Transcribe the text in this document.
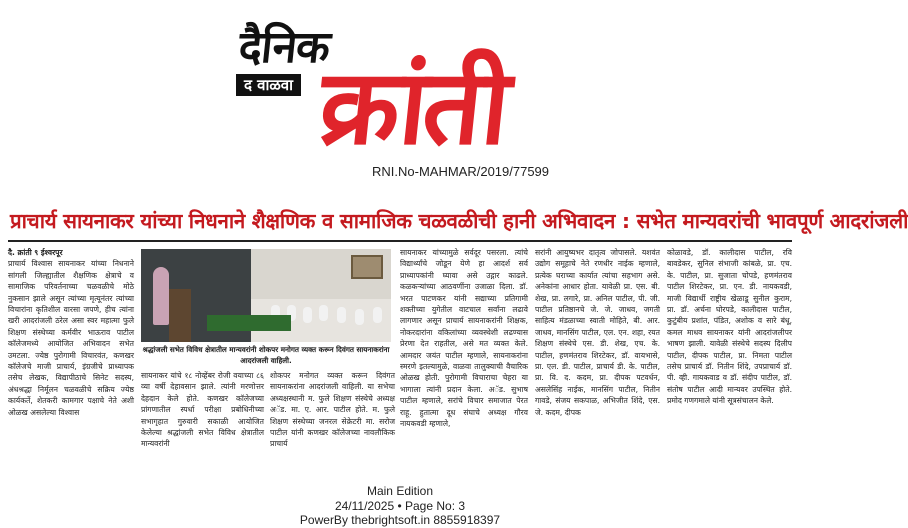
दैनिक
क्रांती
द वाळवा
RNI.No-MAHMAR/2019/77599
प्राचार्य सायनाकर यांच्या निधनाने शैक्षणिक व सामाजिक चळवळीची हानी अभिवादन : सभेत मान्यवरांची भावपूर्ण आदरांजली

दै. क्रांती ९ ईश्वरपूर

प्राचार्य विश्वास सायनाकर यांच्या निधनाने सांगली जिल्ह्यातील शैक्षणिक क्षेत्राचे व सामाजिक परिवर्तनाच्या चळवळीचे मोठे नुकसान झाले असून त्यांच्या मृत्यूनंतर त्यांच्या विचारांना कृतिशील वारसा जपणे, हीच त्यांना खरी आदरांजली ठरेल असा स्वर महात्मा फुले शिक्षण संस्थेच्या कर्मवीर भाऊराव पाटील कॉलेजमध्ये आयोजित अभिवादन सभेत उमटला. ज्येष्ठ पुरोगामी विचारवंत, कणखर कॉलेजचे माजी प्राचार्य, इंग्रजीचे प्राध्यापक तसेच लेखक, विद्यापीठाचे सिनेट सदस्य, अंधश्रद्धा निर्मूलन चळवळीचे सक्रिय ज्येष्ठ कार्यकर्ते, शेतकरी कामगार पक्षाचे नेते अशी ओळख असलेल्या विश्वास

श्रद्धांजली सभेत विविध क्षेत्रातील मान्यवरांनी शोकपर मनोगत व्यक्त करून दिवंगत सायनाकरांना आदरांजली वाहिली.

सायनाकर यांचे १८ नोव्हेंबर रोजी वयाच्या ८६ व्या वर्षी देहावसान झाले. त्यांनी मरणोत्तर देहदान केले होते. कणखर कॉलेजच्या प्रांगणातील स्पर्धा परीक्षा प्रबोधिनीच्या सभागृहात गुरुवारी सकाळी आयोजित केलेल्या श्रद्धांजली सभेत विविध क्षेत्रातील मान्यवरांनी

शोकपर मनोगत व्यक्त करून दिवंगत सायनाकरांना आदरांजली वाहिली. या सभेचा अध्यक्षस्थानी म. फुले शिक्षण संस्थेचे अध्यक्ष अॅड. मा. ए. आर. पाटील होते. म. फुले शिक्षण संस्थेच्या जनरल सेक्रेटरी मा. सरोज पाटील यांनी कणखर कॉलेजच्या नावलौकिक प्राचार्य

सायनाकर यांच्यामुळे सर्वदूर पसरला. त्यांचे विद्यार्थ्यांचे जोडून येणे हा आदर्श सर्व प्राध्यापकांनी घ्यावा असे उद्गार काढले. कळकऱ्यांच्या आठवणींना उजाळा दिला. डॉ. भरत पाटणकर यांनी सद्याच्या प्रतिगामी शक्तीच्या युगेतील वाटचाल सर्वांना लढावे लागणार असून प्राचार्य सायनाकरांनी शिक्षक, नोकरदारांना वकिलांच्या व्यवस्थेशी लढण्यास प्रेरणा देत राहतील, असे मत व्यक्त केले. आमदार जयंत पाटील म्हणाले, सायनाकरांना स्मरणे इतल्यामुळे, वाळवा तालुक्याची वैचारिक ओळख होती. पुरोगामी विचाराचा चेहरा या भागाला त्यांनी प्रदान केला. अॅड. सुभाष पाटील म्हणाले, सरांचे विचार समाजात पेरत राहू. हुतात्मा दूध संघाचे अध्यक्ष गौरव नायकवडी म्हणाले,

सरांनी आयुष्यभर दातृत्व जोपासले. यशवंत उद्योग समूहाचे नेते रणधीर नाईक म्हणाले, प्रत्येक घराच्या कार्यात त्यांचा सहभाग असे. अनेकांना आधार होता. यावेळी प्रा. एस. बी. शेख, प्रा. लगारे, प्रा. अनिल पाटील, पी. जी. पाटील प्रतिष्ठानचे जे. जे. जाधव, जगती साहित्य मंडळाच्या स्वाती मोहिते, बी. आर. जाधव, मानसिंग पाटील, एल. एन. शहा, रयत शिक्षण संस्थेचे एस. डी. शेख, एच. के. पाटील, हणमंतराव शिरटेकर, डॉ. वायभासे, प्रा. एल. डी. पाटील, प्राचार्य डी. के. पाटील, प्रा. वि. द. कदम, प्रा. दीपक पटवर्धन, असलेसिंह नाईक, मानसिंग पाटील, नितीन गावडे, संजय सकपाळ, अभिजीत शिंदे, एस. जे. कदम, दीपक

कोळावडे, डॉ. कालीदास पाटील, रवि बावडेकर, सुनिल संभाजी कांबळे, प्रा. एच. के. पाटील, प्रा. सुजाता चोपडे, हणमंतराव पाटील शिरटेकर, प्रा. एन. डी. नायकवडी, माजी विद्यार्थी राष्ट्रीय खेळाडू सुनील कुराम, प्रा. डॉ. अर्चना घोरपडे, कालीदास पाटील, कुटुंबीय प्रशांत, पंडित, अशोक व सारे बंधू, कमल माधव सायनाकर यांनी आदरांजलीपर भाषण झाली. यावेळी संस्थेचे सदस्य दिलीप पाटील, दीपक पाटील, प्रा. निमता पाटील तसेच प्राचार्य डॉ. नितीन शिंदे, उपप्राचार्य डॉ. पी. व्ही. गायकवाड व डॉ. संदीप पाटील, डॉ. संतोष पाटील आदी मान्यवर उपस्थित होते. प्रमोद गणगमाले यांनी सूत्रसंचालन केले.

Main Edition
24/11/2025 • Page No: 3
PowerBy thebrightsoft.in 8855918397
